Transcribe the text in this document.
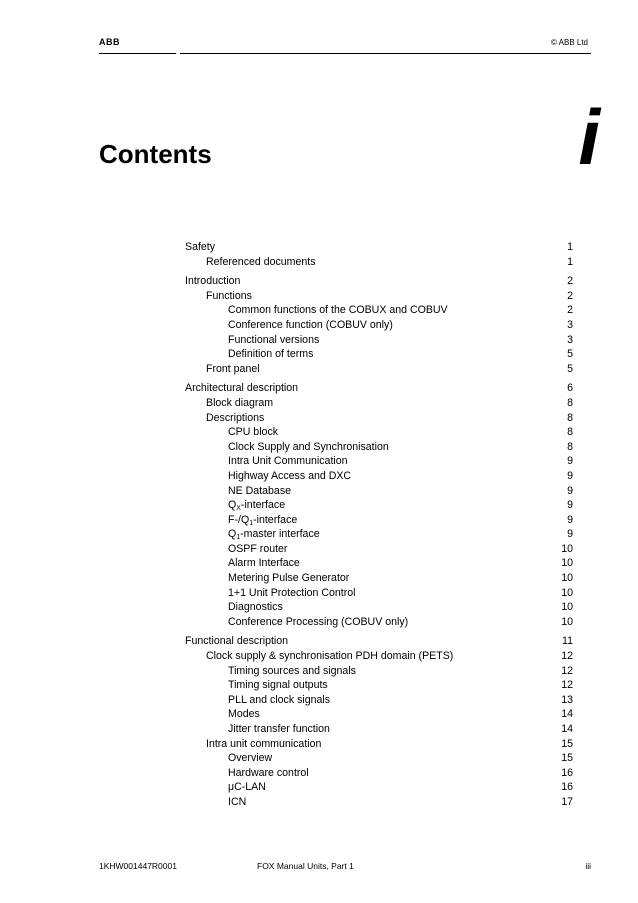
ABB	© ABB Ltd
Contents	i
Safety	1
Referenced documents	1
Introduction	2
Functions	2
Common functions of the COBUX and COBUV	2
Conference function (COBUV only)	3
Functional versions	3
Definition of terms	5
Front panel	5
Architectural description	6
Block diagram	8
Descriptions	8
CPU block	8
Clock Supply and Synchronisation	8
Intra Unit Communication	9
Highway Access and DXC	9
NE Database	9
QX-interface	9
F-/Q1-interface	9
Q1-master interface	9
OSPF router	10
Alarm Interface	10
Metering Pulse Generator	10
1+1 Unit Protection Control	10
Diagnostics	10
Conference Processing (COBUV only)	10
Functional description	11
Clock supply & synchronisation PDH domain (PETS)	12
Timing sources and signals	12
Timing signal outputs	12
PLL and clock signals	13
Modes	14
Jitter transfer function	14
Intra unit communication	15
Overview	15
Hardware control	16
μC-LAN	16
ICN	17
1KHW001447R0001	FOX Manual Units, Part 1	iii
